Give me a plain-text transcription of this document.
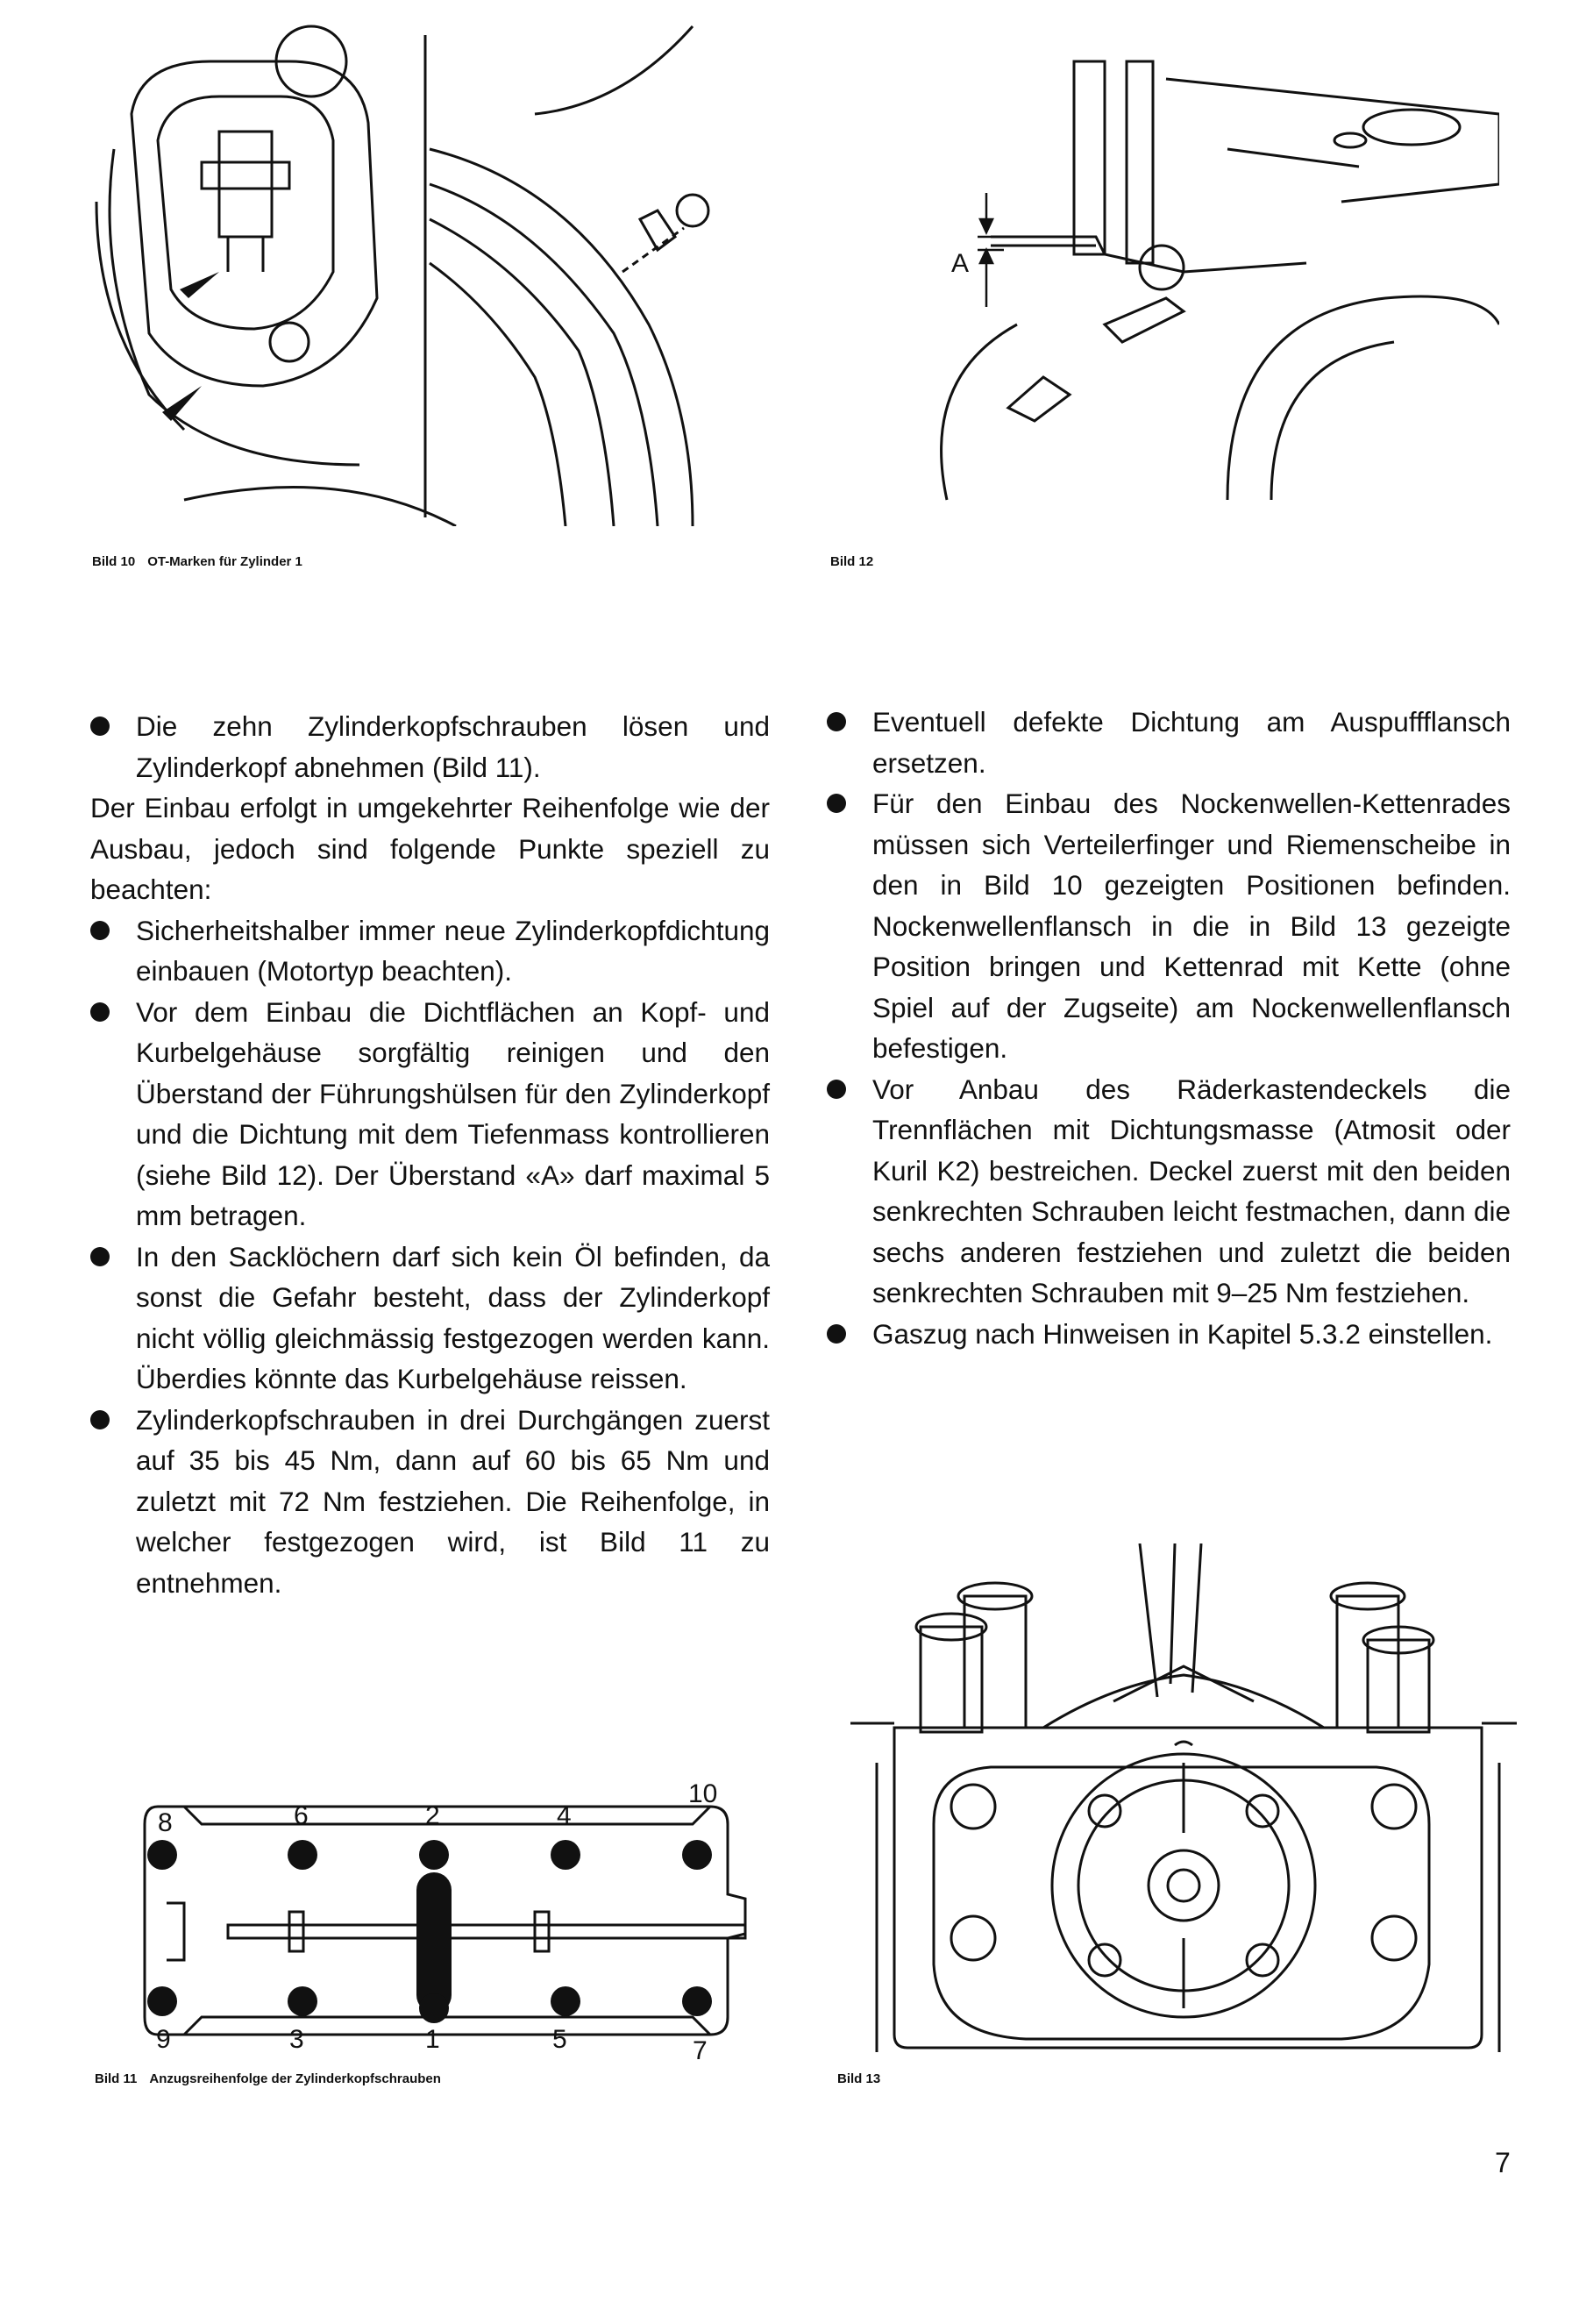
Bild 10 OT-Marken für Zylinder 1
A
Bild 12

Die zehn Zylinderkopfschrauben lösen und Zylinderkopf abnehmen (Bild 11).

Der Einbau erfolgt in umgekehrter Reihenfolge wie der Ausbau, jedoch sind folgende Punkte speziell zu beachten:

Sicherheitshalber immer neue Zylinderkopfdichtung einbauen (Motortyp beachten).

Vor dem Einbau die Dichtflächen an Kopf- und Kurbelgehäuse sorgfältig reinigen und den Überstand der Führungshülsen für den Zylinderkopf und die Dichtung mit dem Tiefenmass kontrollieren (siehe Bild 12). Der Überstand «A» darf maximal 5 mm betragen.

In den Sacklöchern darf sich kein Öl befinden, da sonst die Gefahr besteht, dass der Zylinderkopf nicht völlig gleichmässig festgezogen werden kann. Überdies könnte das Kurbelgehäuse reissen.

Zylinderkopfschrauben in drei Durchgängen zuerst auf 35 bis 45 Nm, dann auf 60 bis 65 Nm und zuletzt mit 72 Nm festziehen. Die Reihenfolge, in welcher festgezogen wird, ist Bild 11 zu entnehmen.

Eventuell defekte Dichtung am Auspuffflansch ersetzen.

Für den Einbau des Nockenwellen-Kettenrades müssen sich Verteilerfinger und Riemenscheibe in den in Bild 10 gezeigten Positionen befinden. Nockenwellenflansch in die in Bild 13 gezeigte Position bringen und Kettenrad mit Kette (ohne Spiel auf der Zugseite) am Nockenwellenflansch befestigen.

Vor Anbau des Räderkastendeckels die Trennflächen mit Dichtungsmasse (Atmosit oder Kuril K2) bestreichen. Deckel zuerst mit den beiden senkrechten Schrauben leicht festmachen, dann die sechs anderen festziehen und zuletzt die beiden senkrechten Schrauben mit 9–25 Nm festziehen.

Gaszug nach Hinweisen in Kapitel 5.3.2 einstellen.

1
2
3
4
5
6
7
8
9
10
Bild 11 Anzugsreihenfolge der Zylinderkopfschrauben	Bild 13
7
